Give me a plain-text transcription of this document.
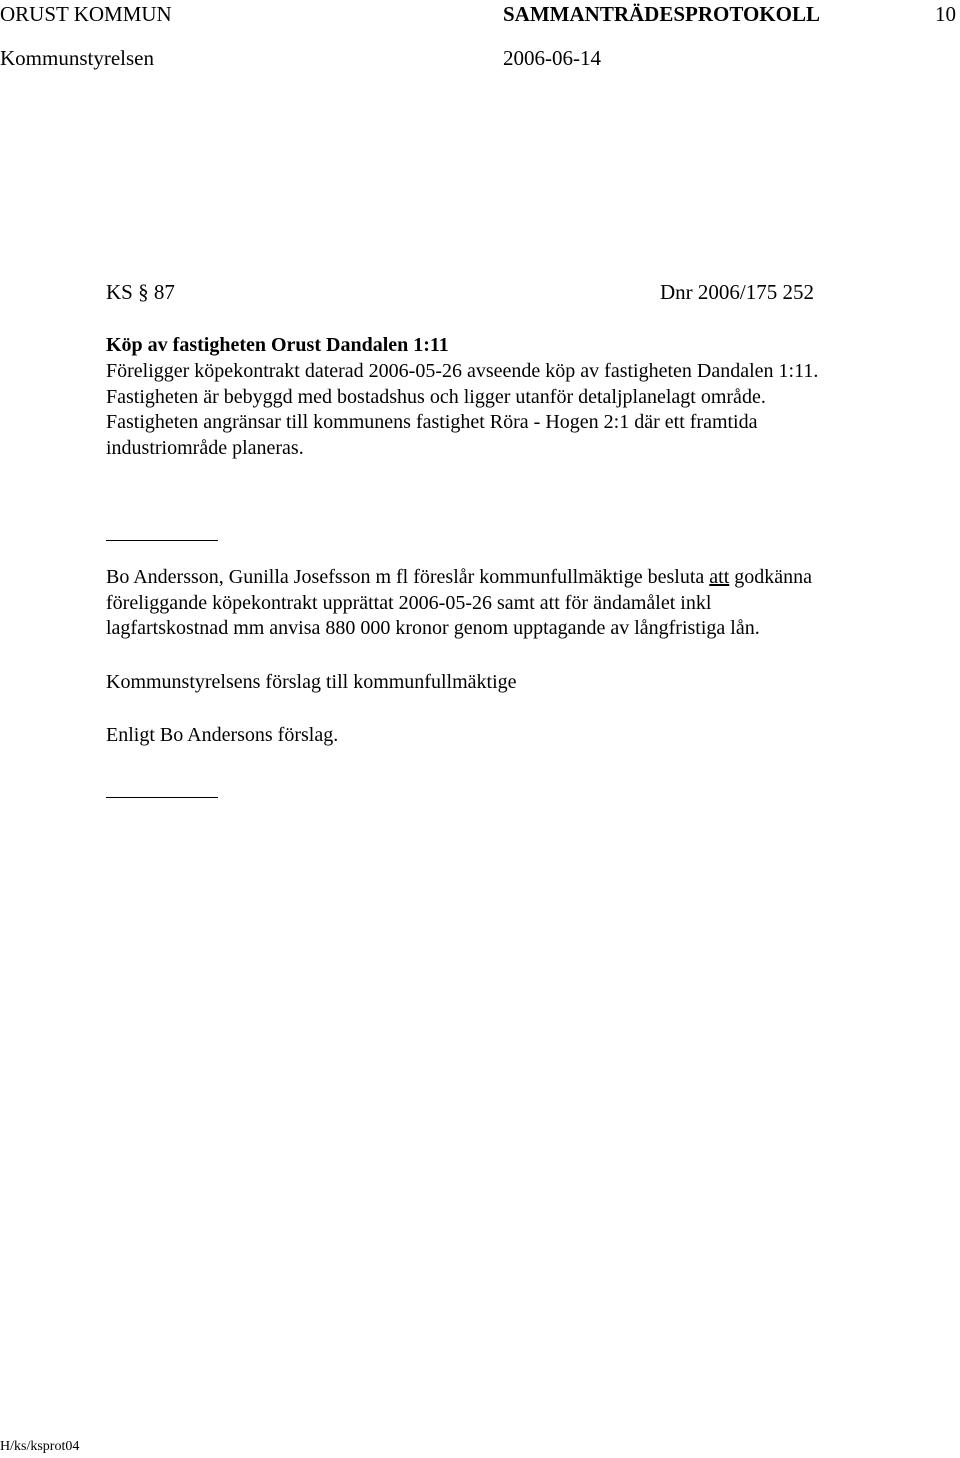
ORUST KOMMUN	SAMMANTRÄDESPROTOKOLL	10
Kommunstyrelsen	2006-06-14
KS § 87	Dnr 2006/175 252
Köp av fastigheten Orust Dandalen 1:11
Föreligger köpekontrakt daterad 2006-05-26 avseende köp av fastigheten Dandalen 1:11.
Fastigheten är bebyggd med bostadshus och ligger utanför detaljplanelagt område.
Fastigheten angränsar till kommunens fastighet Röra - Hogen 2:1 där ett framtida
industriområde planeras.
Bo Andersson, Gunilla Josefsson m fl föreslår kommunfullmäktige besluta att godkänna
föreliggande köpekontrakt upprättat 2006-05-26 samt att för ändamålet inkl
lagfartskostnad mm anvisa 880 000 kronor genom upptagande av långfristiga lån.
Kommunstyrelsens förslag till kommunfullmäktige
Enligt Bo Andersons förslag.
H/ks/ksprot04
